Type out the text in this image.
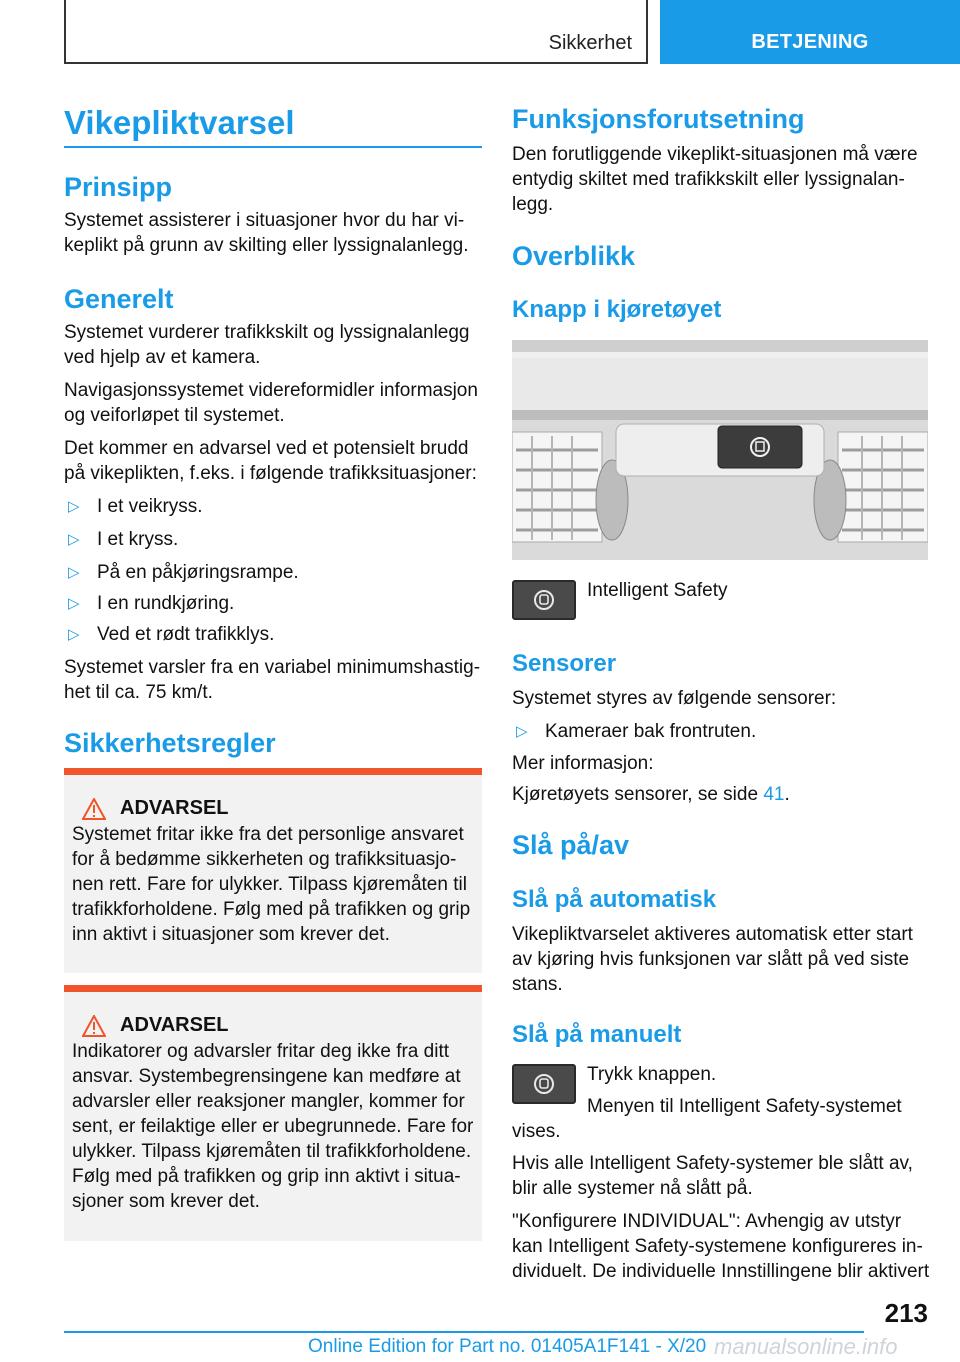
Sikkerhet	BETJENING
Vikepliktvarsel
Prinsipp

Systemet assisterer i situasjoner hvor du har vi-

keplikt på grunn av skilting eller lyssignalanlegg.

Generelt

Systemet vurderer trafikkskilt og lyssignalanlegg

ved hjelp av et kamera.

Navigasjonssystemet videreformidler informasjon

og veiforløpet til systemet.

Det kommer en advarsel ved et potensielt brudd

på vikeplikten, f.eks. i følgende trafikksituasjoner:

▷ I et veikryss.
▷ I et kryss.
▷ På en påkjøringsrampe.
▷ I en rundkjøring.
▷ Ved et rødt trafikklys.

Systemet varsler fra en variabel minimumshastig-

het til ca. 75 km/t.

Sikkerhetsregler
ADVARSEL
Systemet fritar ikke fra det personlige ansvaret
for å bedømme sikkerheten og trafikksituasjo-
nen rett. Fare for ulykker. Tilpass kjøremåten til
trafikkforholdene. Følg med på trafikken og grip
inn aktivt i situasjoner som krever det.
ADVARSEL
Indikatorer og advarsler fritar deg ikke fra ditt
ansvar. Systembegrensingene kan medføre at
advarsler eller reaksjoner mangler, kommer for
sent, er feilaktige eller er ubegrunnede. Fare for
ulykker. Tilpass kjøremåten til trafikkforholdene.
Følg med på trafikken og grip inn aktivt i situa-
sjoner som krever det.
Funksjonsforutsetning

Den forutliggende vikeplikt-situasjonen må være

entydig skiltet med trafikkskilt eller lyssignalan-

legg.

Overblikk
Knapp i kjøretøyet

Intelligent Safety

Sensorer

Systemet styres av følgende sensorer:

▷ Kameraer bak frontruten.

Mer informasjon:

Kjøretøyets sensorer, se side 41.

Slå på/av
Slå på automatisk

Vikepliktvarselet aktiveres automatisk etter start

av kjøring hvis funksjonen var slått på ved siste

stans.

Slå på manuelt

Trykk knappen.

Menyen til Intelligent Safety-systemet

vises.

Hvis alle Intelligent Safety-systemer ble slått av,

blir alle systemer nå slått på.

"Konfigurere INDIVIDUAL": Avhengig av utstyr

kan Intelligent Safety-systemene konfigureres in-

dividuelt. De individuelle Innstillingene blir aktivert

213
Online Edition for Part no. 01405A1F141 - X/20 manualsonline.info
